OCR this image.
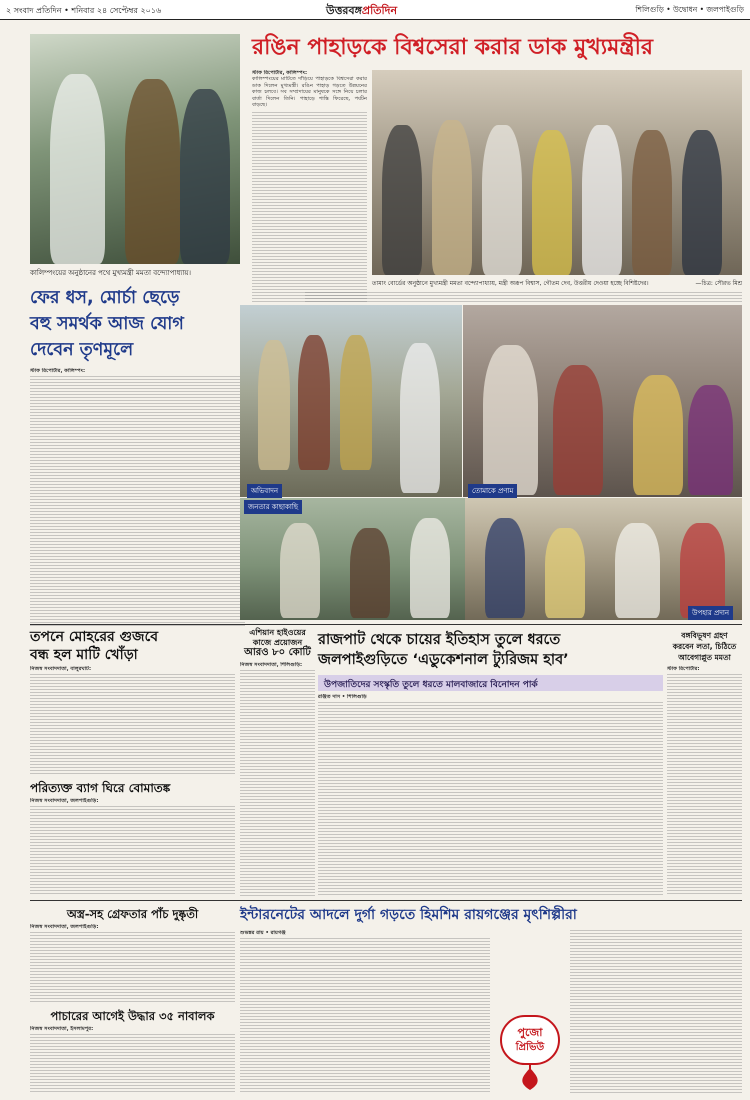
২ সংবাদ প্রতিদিন • শনিবার ২৪ সেপ্টেম্বর ২০১৬	উত্তরবঙ্গপ্রতিদিন	শিলিগুড়ি • উদ্বোধন • জলপাইগুড়ি
কালিম্পংয়ের অনুষ্ঠানের পথে মুখ্যমন্ত্রী মমতা বন্দ্যোপাধ্যায়।
রঙিন পাহাড়কে বিশ্বসেরা করার ডাক মুখ্যমন্ত্রীর
স্টাফ রিপোর্টার, কালিম্পং:
কালিম্পংয়ের মাটিতে দাঁড়িয়ে পাহাড়কে বিশ্বসেরা করার ডাক দিলেন মুখ্যমন্ত্রী। রঙিন পাহাড় গড়তে উন্নয়নের কাজ চলবে। সব সম্প্রদায়ের মানুষকে সঙ্গে নিয়ে চলার বার্তা দিলেন তিনি। পাহাড়ে শান্তি ফিরেছে, পর্যটন বাড়ছে।
তামাং বোর্ডের অনুষ্ঠানে মুখ্যমন্ত্রী মমতা বন্দ্যোপাধ্যায়, মন্ত্রী অরূপ বিশ্বাস, গৌতম দেব, উত্তরীয় দেওয়া হচ্ছে বিশিষ্টদের।	—চিত্র: সৌরভ মিশ্র
ফের ধস, মোর্চা ছেড়ে
বহু সমর্থক আজ যোগ
দেবেন তৃণমূলে
স্টাফ রিপোর্টার, কালিম্পং:
অভিবাদন	তোমাকে প্রণাম
জনতার কাছাকাছি
উপহার প্রদান
তপনে মোহরের গুজবে
বন্ধ হল মাটি খোঁড়া
নিজস্ব সংবাদদাতা, বালুরঘাট:
পরিত্যক্ত ব্যাগ ঘিরে বোমাতঙ্ক
নিজস্ব সংবাদদাতা, জলপাইগুড়ি:
এশিয়ান হাইওয়ের
কাজে প্রয়োজন
আরও ৮০ কোটি
নিজস্ব সংবাদদাতা, শিলিগুড়ি:
রাজপাট থেকে চায়ের ইতিহাস তুলে ধরতে
জলপাইগুড়িতে ‘এডুকেশনাল ট্যুরিজম হাব’
উপজাতিদের সংস্কৃতি তুলে ধরতে মালবাজারে বিনোদন পার্ক
রঞ্জিত দাস • শিলিগুড়ি
বঙ্গবিভূষণ গ্রহণ
করবেন লতা, চিঠিতে
আবেগাপ্লুত মমতা
স্টাফ রিপোর্টার:
অস্ত্র-সহ গ্রেফতার পাঁচ দুষ্কৃতী
নিজস্ব সংবাদদাতা, জলপাইগুড়ি:
পাচারের আগেই উদ্ধার ৩৫ নাবালক
নিজস্ব সংবাদদাতা, ইসলামপুর:
ইন্টারনেটের আদলে দুর্গা গড়তে হিমশিম রায়গঞ্জের মৃৎশিল্পীরা
শুভঙ্কর রায় • রায়গঞ্জ
পুজো
প্রিভিউ
